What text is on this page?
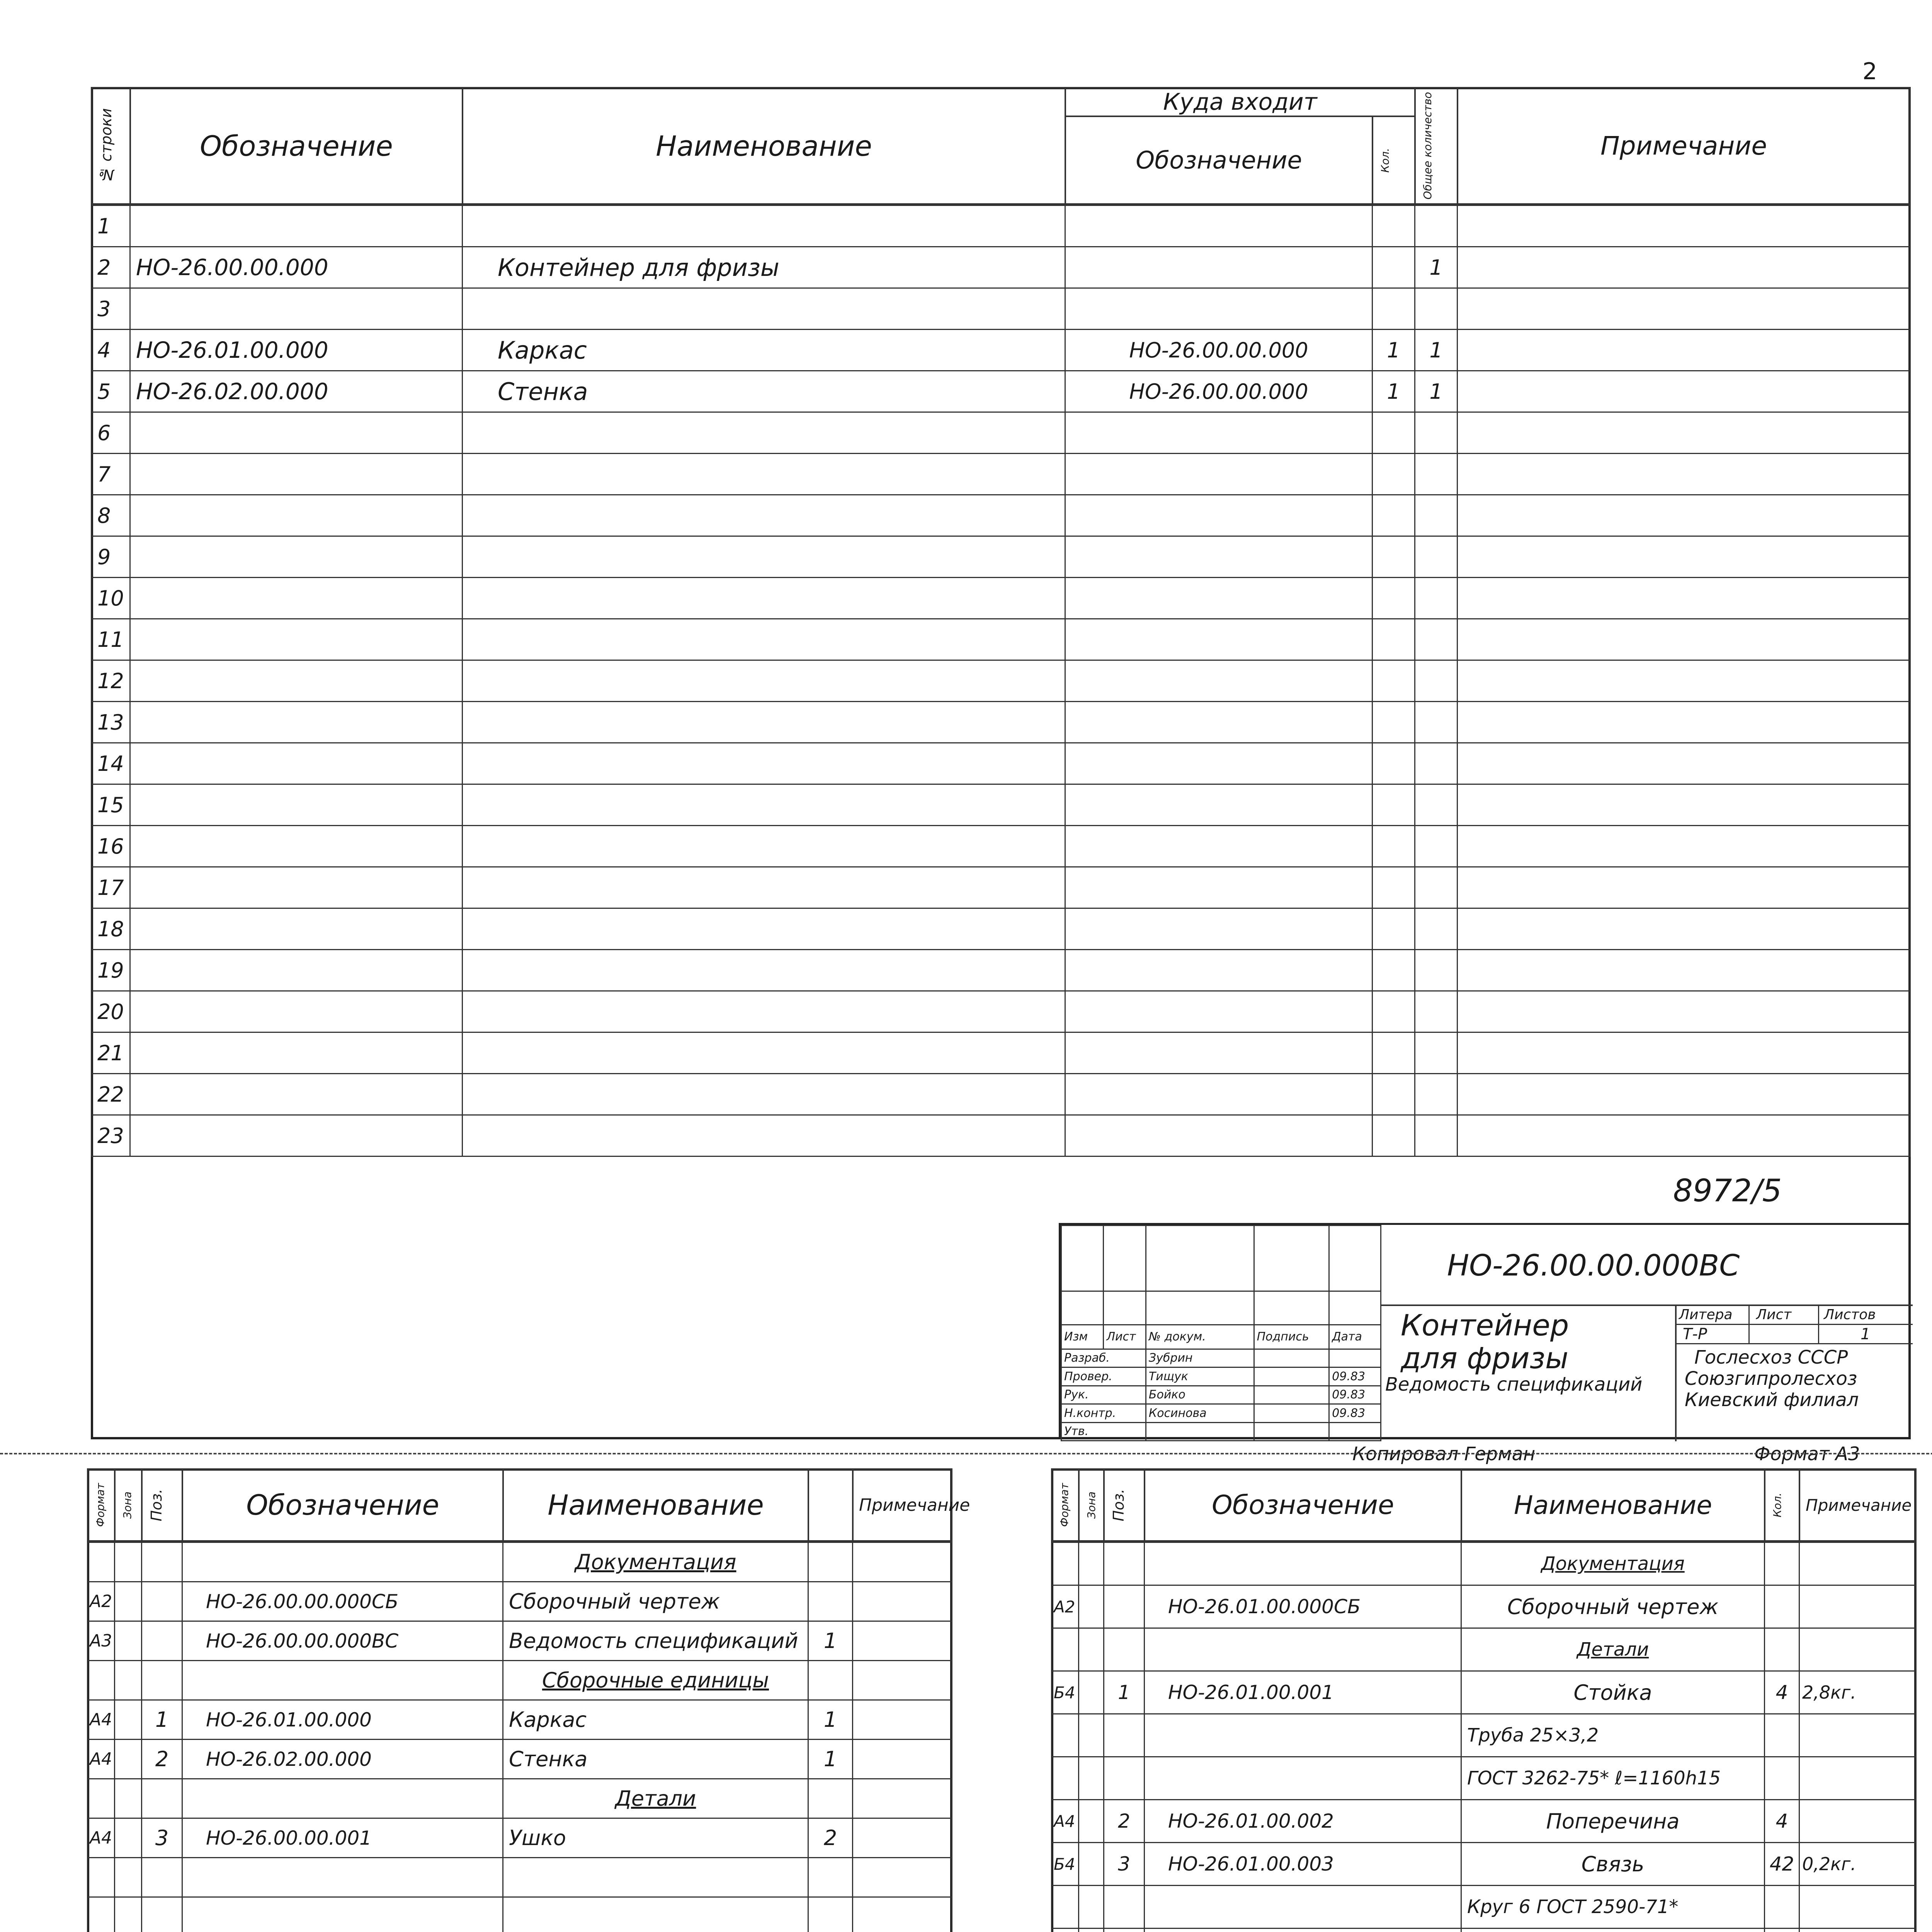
2
№ строки	Обозначение	Наименование	Куда входит		Общее количество	Примечание
			Обозначение	Кол.		
1						
2	НО-26.00.00.000	Контейнер для фризы			1	
3						
4	НО-26.01.00.000	Каркас	НО-26.00.00.000	1	1	
5	НО-26.02.00.000	Стенка	НО-26.00.00.000	1	1	
6						
7						
8						
9						
10						
11						
12						
13						
14						
15						
16						
17						
18						
19						
20						
21						
22						
23						
8972/5

Изм	Лист	№ докум.	Подпись	Дата
Разраб.		Зубрин		
Провер.		Тищук		09.83
Рук.		Бойко		09.83
Н.контр.		Косинова		09.83
Утв.				
НО-26.00.00.000ВС
Контейнер
для фризы
Ведомость спецификаций
Литера Лист Листов
Т-Р	1
Гослесхоз СССР
Союзгипролесхоз
Киевский филиал
Копировал Герман	Формат А3
Формат	Зона	Поз.	Обозначение	Наименование		Примечание
				Документация		
А2			НО-26.00.00.000СБ	Сборочный чертеж		
А3			НО-26.00.00.000ВС	Ведомость спецификаций	1	
				Сборочные единицы		
А4		1	НО-26.01.00.000	Каркас	1	
А4		2	НО-26.02.00.000	Стенка	1	
				Детали		
А4		3	НО-26.00.00.001	Ушко	2	

Формат	Зона	Поз.	Обозначение	Наименование	Кол.	Примечание
				Документация		
А2			НО-26.01.00.000СБ	Сборочный чертеж		
				Детали		
Б4		1	НО-26.01.00.001	Стойка	4	2,8кг.
				Труба 25×3,2		
				ГОСТ 3262-75* ℓ=1160h15		
А4		2	НО-26.01.00.002	Поперечина	4	
Б4		3	НО-26.01.00.003	Связь	42	0,2кг.
				Круг 6 ГОСТ 2590-71*		
